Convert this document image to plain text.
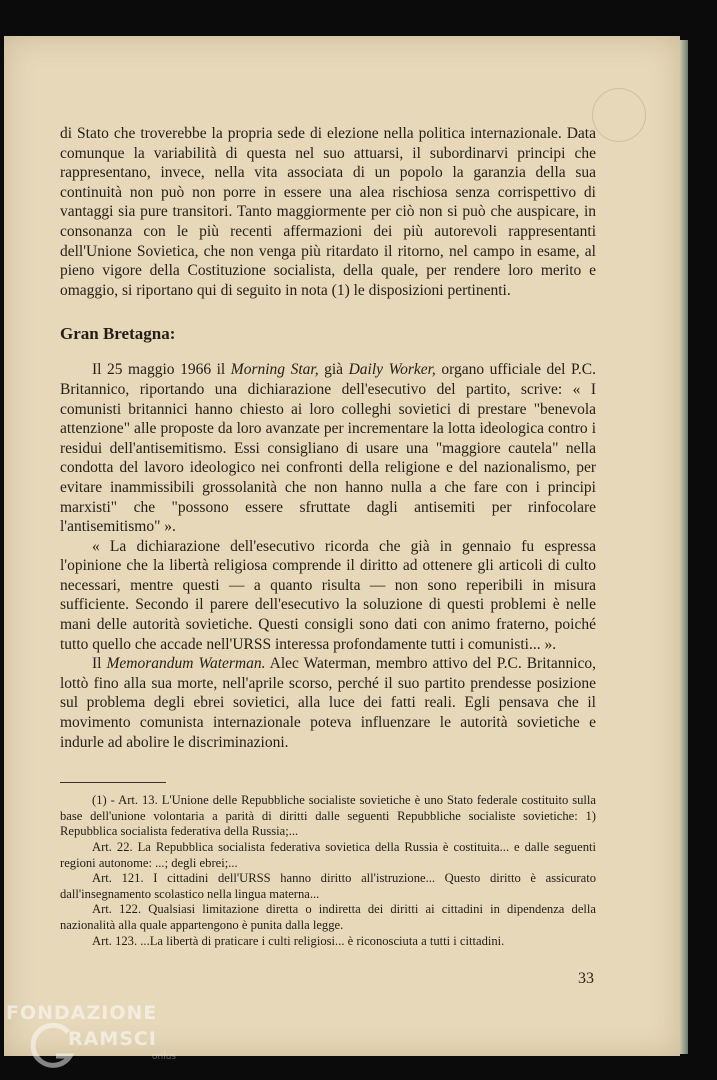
di Stato che troverebbe la propria sede di elezione nella politica internazionale. Data comunque la variabilità di questa nel suo attuarsi, il subordinarvi principi che rappresentano, invece, nella vita associata di un popolo la garanzia della sua continuità non può non porre in essere una alea rischiosa senza corrispettivo di vantaggi sia pure transitori. Tanto maggiormente per ciò non si può che auspicare, in consonanza con le più recenti affermazioni dei più autorevoli rappresentanti dell'Unione Sovietica, che non venga più ritardato il ritorno, nel campo in esame, al pieno vigore della Costituzione socialista, della quale, per rendere loro merito e omaggio, si riportano qui di seguito in nota (1) le disposizioni pertinenti.

Gran Bretagna:

Il 25 maggio 1966 il Morning Star, già Daily Worker, organo ufficiale del P.C. Britannico, riportando una dichiarazione dell'esecutivo del partito, scrive: « I comunisti britannici hanno chiesto ai loro colleghi sovietici di prestare "benevola attenzione" alle proposte da loro avanzate per incrementare la lotta ideologica contro i residui dell'antisemitismo. Essi consigliano di usare una "maggiore cautela" nella condotta del lavoro ideologico nei confronti della religione e del nazionalismo, per evitare inammissibili grossolanità che non hanno nulla a che fare con i principi marxisti" che "possono essere sfruttate dagli antisemiti per rinfocolare l'antisemitismo" ».

« La dichiarazione dell'esecutivo ricorda che già in gennaio fu espressa l'opinione che la libertà religiosa comprende il diritto ad ottenere gli articoli di culto necessari, mentre questi — a quanto risulta — non sono reperibili in misura sufficiente. Secondo il parere dell'esecutivo la soluzione di questi problemi è nelle mani delle autorità sovietiche. Questi consigli sono dati con animo fraterno, poiché tutto quello che accade nell'URSS interessa profondamente tutti i comunisti... ».

Il Memorandum Waterman. Alec Waterman, membro attivo del P.C. Britannico, lottò fino alla sua morte, nell'aprile scorso, perché il suo partito prendesse posizione sul problema degli ebrei sovietici, alla luce dei fatti reali. Egli pensava che il movimento comunista internazionale poteva influenzare le autorità sovietiche e indurle ad abolire le discriminazioni.

(1) - Art. 13. L'Unione delle Repubbliche socialiste sovietiche è uno Stato federale costituito sulla base dell'unione volontaria a parità di diritti dalle seguenti Repubbliche socialiste sovietiche: 1) Repubblica socialista federativa della Russia;...

Art. 22. La Repubblica socialista federativa sovietica della Russia è costituita... e dalle seguenti regioni autonome: ...; degli ebrei;...

Art. 121. I cittadini dell'URSS hanno diritto all'istruzione... Questo diritto è assicurato dall'insegnamento scolastico nella lingua materna...

Art. 122. Qualsiasi limitazione diretta o indiretta dei diritti ai cittadini in dipendenza della nazionalità alla quale appartengono è punita dalla legge.

Art. 123. ...La libertà di praticare i culti religiosi... è riconosciuta a tutti i cittadini.

33
FONDAZIONE
RAMSCI
onlus
